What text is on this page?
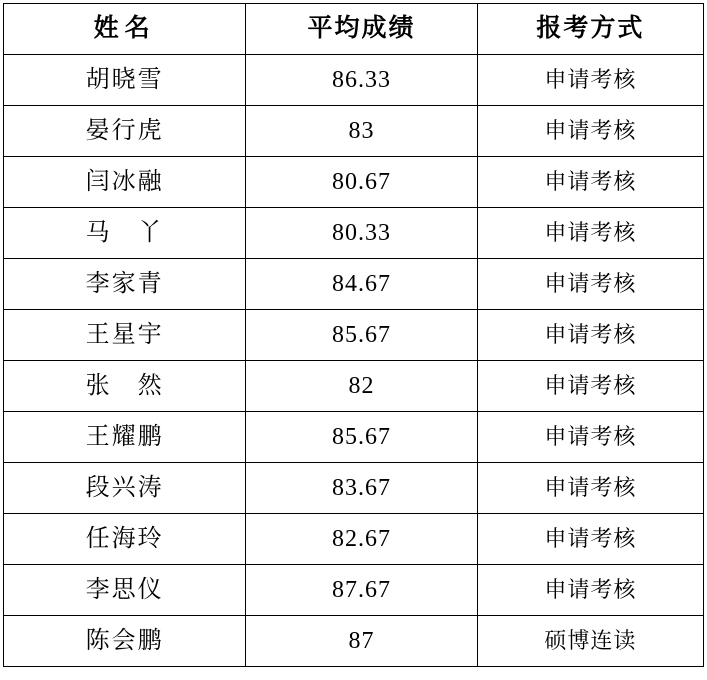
姓名	平均成绩	报考方式
胡晓雪	86.33	申请考核
晏行虎	83	申请考核
闫冰融	80.67	申请考核
马　丫	80.33	申请考核
李家青	84.67	申请考核
王星宇	85.67	申请考核
张　然	82	申请考核
王耀鹏	85.67	申请考核
段兴涛	83.67	申请考核
任海玲	82.67	申请考核
李思仪	87.67	申请考核
陈会鹏	87	硕博连读
